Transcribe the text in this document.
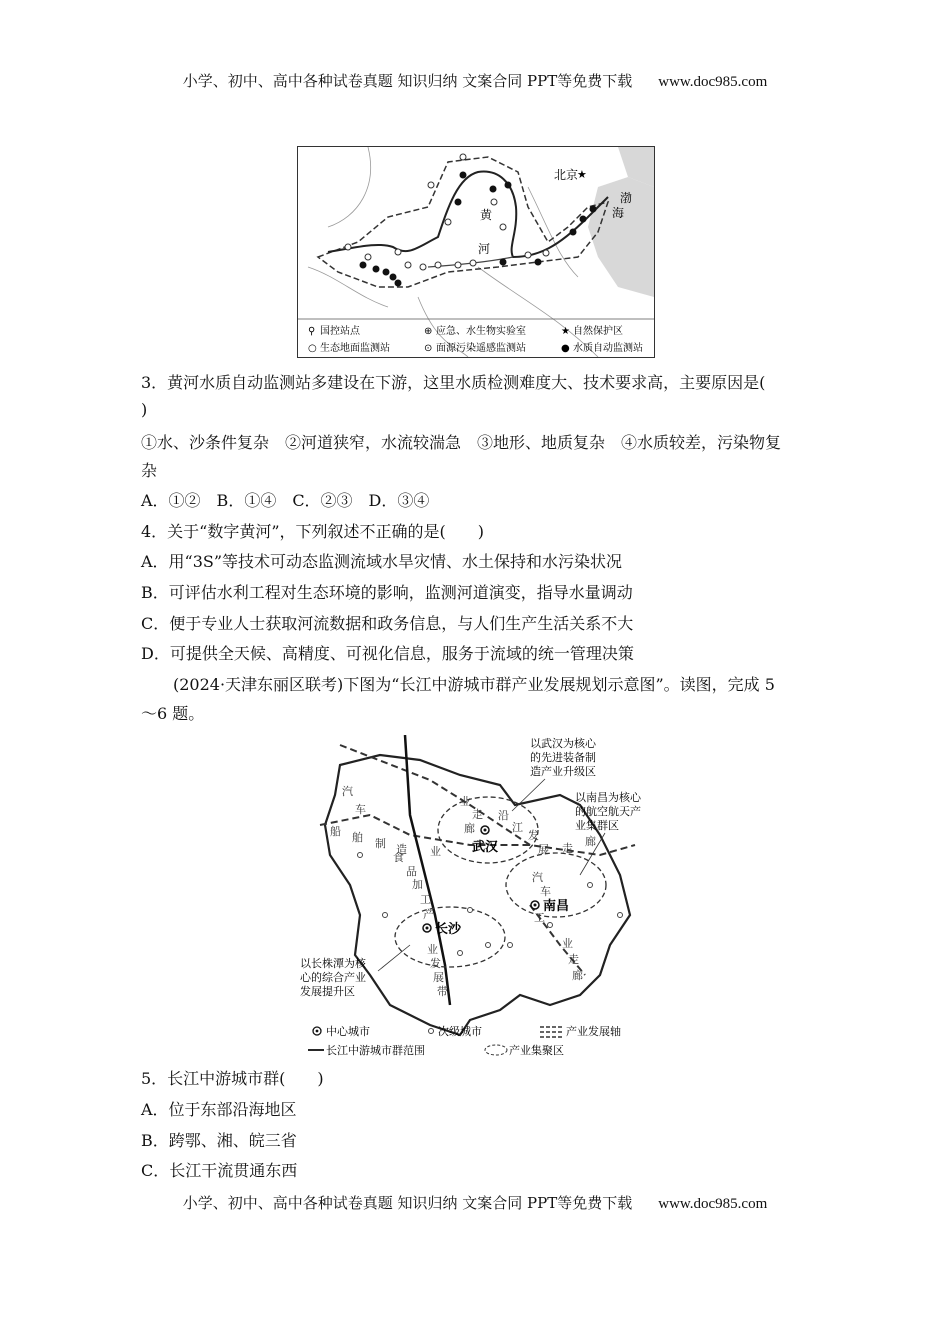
小学、初中、高中各种试卷真题 知识归纳 文案合同 PPT等免费下载 www.doc985.com
北京
★
渤
海
黄
河
⚲ 国控站点	⊕ 应急、水生物实验室	★ 自然保护区
○ 生态地面监测站	⊙ 面源污染遥感监测站	● 水质自动监测站
3．黄河水质自动监测站多建设在下游，这里水质检测难度大、技术要求高，主要原因是(
)
①水、沙条件复杂　②河道狭窄，水流较湍急　③地形、地质复杂　④水质较差，污染物复
杂
A．①②　B．①④　C．②③　D．③④
4．关于“数字黄河”，下列叙述不正确的是(　　)
A．用“3S”等技术可动态监测流域水旱灾情、水土保持和水污染状况
B．可评估水利工程对生态环境的影响，监测河道演变，指导水量调动
C．便于专业人士获取河流数据和政务信息，与人们生产生活关系不大
D．可提供全天候、高精度、可视化信息，服务于流域的统一管理决策
(2024·天津东丽区联考)下图为“长江中游城市群产业发展规划示意图”。读图，完成 5
～6 题。
武汉
南昌
长沙
汽
车
船 舶 制 造 业
食
品
加
工
产
业
发
展
带
沿
江
发
展 走
廊
业
走
廊
汽
车
工
业
走
廊
以武汉为核心
的先进装备制
造产业升级区
以南昌为核心
的航空航天产
业集群区
以长株潭为核
心的综合产业
发展提升区
中心城市	次级城市	产业发展轴
长江中游城市群范围	产业集聚区
5．长江中游城市群(　　)
A．位于东部沿海地区
B．跨鄂、湘、皖三省
C．长江干流贯通东西
小学、初中、高中各种试卷真题 知识归纳 文案合同 PPT等免费下载 www.doc985.com
